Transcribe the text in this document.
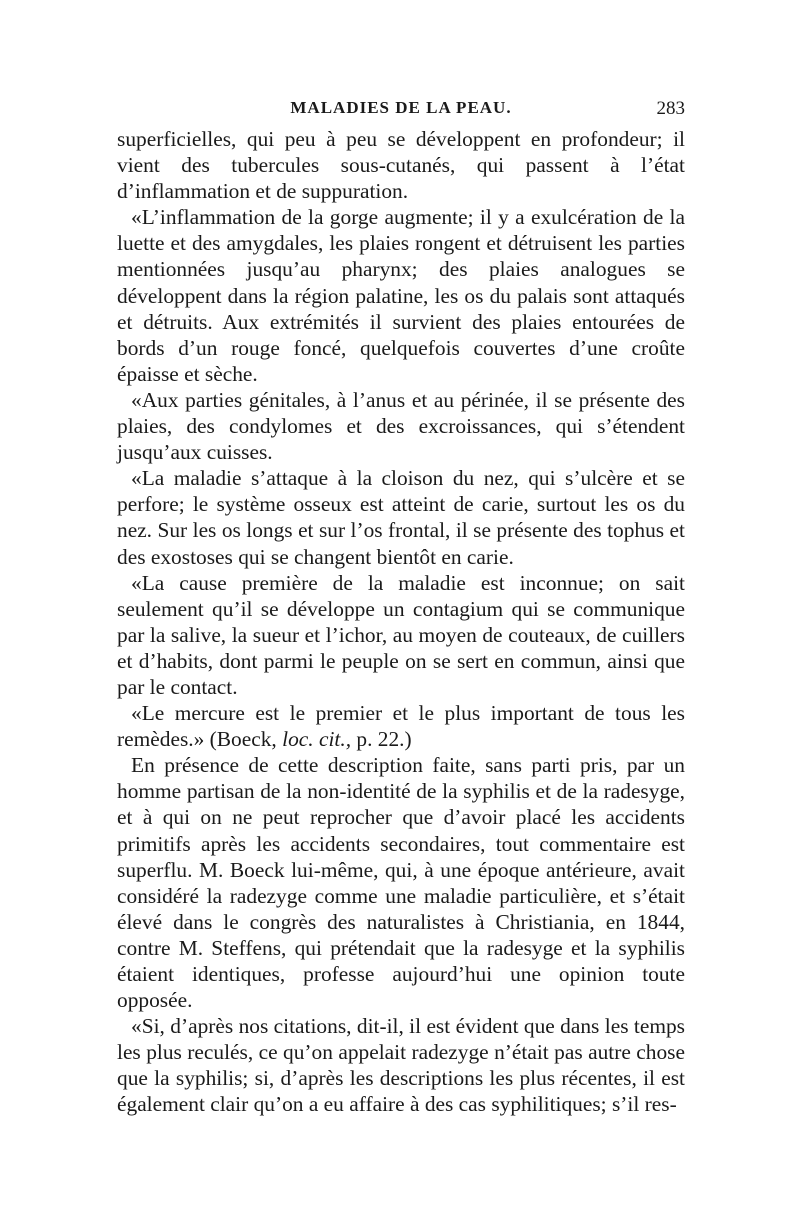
MALADIES DE LA PEAU.	283

superficielles, qui peu à peu se développent en profondeur; il vient des tubercules sous-cutanés, qui passent à l’état d’inflammation et de suppuration.

«L’inflammation de la gorge augmente; il y a exulcération de la luette et des amygdales, les plaies rongent et détruisent les parties mentionnées jusqu’au pharynx; des plaies analogues se développent dans la région palatine, les os du palais sont attaqués et détruits. Aux extrémités il survient des plaies entourées de bords d’un rouge foncé, quelquefois couvertes d’une croûte épaisse et sèche.

«Aux parties génitales, à l’anus et au périnée, il se présente des plaies, des condylomes et des excroissances, qui s’étendent jusqu’aux cuisses.

«La maladie s’attaque à la cloison du nez, qui s’ulcère et se perfore; le système osseux est atteint de carie, surtout les os du nez. Sur les os longs et sur l’os frontal, il se présente des tophus et des exostoses qui se changent bientôt en carie.

«La cause première de la maladie est inconnue; on sait seulement qu’il se développe un contagium qui se communique par la salive, la sueur et l’ichor, au moyen de couteaux, de cuillers et d’habits, dont parmi le peuple on se sert en commun, ainsi que par le contact.

«Le mercure est le premier et le plus important de tous les remèdes.» (Boeck, loc. cit., p. 22.)

En présence de cette description faite, sans parti pris, par un homme partisan de la non-identité de la syphilis et de la radesyge, et à qui on ne peut reprocher que d’avoir placé les accidents primitifs après les accidents secondaires, tout commentaire est superflu. M. Boeck lui-même, qui, à une époque antérieure, avait considéré la radezyge comme une maladie particulière, et s’était élevé dans le congrès des naturalistes à Christiania, en 1844, contre M. Steffens, qui prétendait que la radesyge et la syphilis étaient identiques, professe aujourd’hui une opinion toute opposée.

«Si, d’après nos citations, dit-il, il est évident que dans les temps les plus reculés, ce qu’on appelait radezyge n’était pas autre chose que la syphilis; si, d’après les descriptions les plus récentes, il est également clair qu’on a eu affaire à des cas syphilitiques; s’il res-
